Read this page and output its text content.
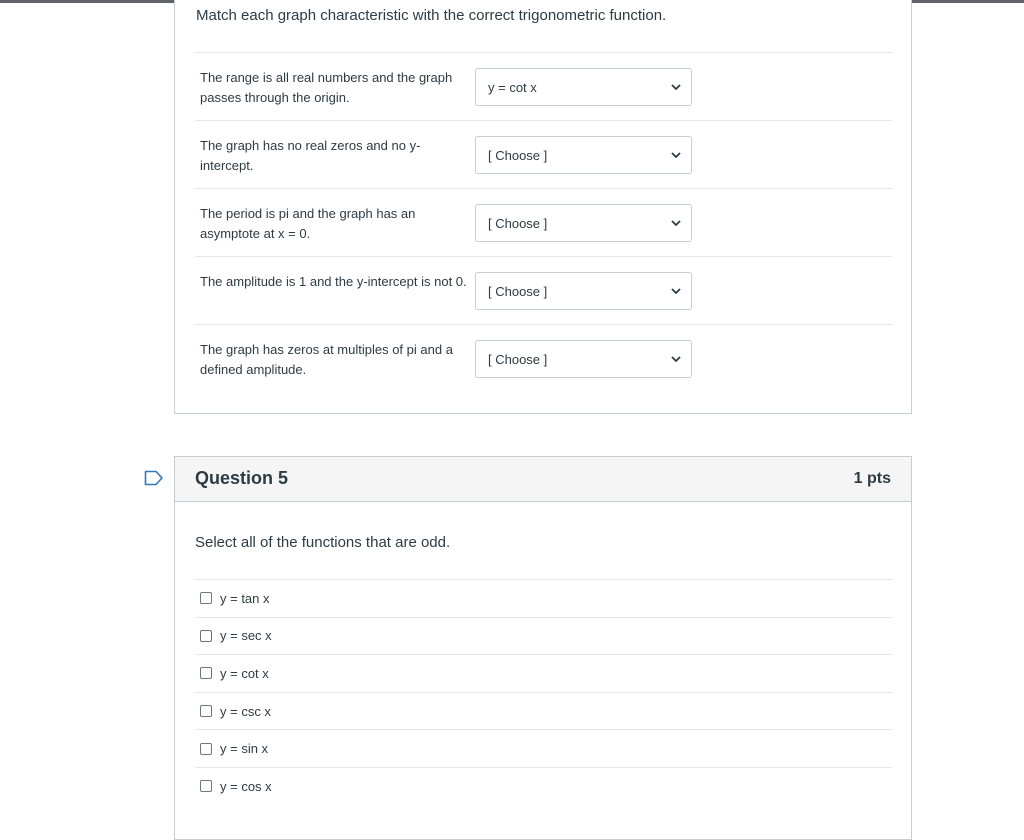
Match each graph characteristic with the correct trigonometric function.
The range is all real numbers and the graph passes through the origin.
y = cot x
The graph has no real zeros and no y-intercept.
[ Choose ]
The period is pi and the graph has an asymptote at x = 0.
[ Choose ]
The amplitude is 1 and the y-intercept is not 0.
[ Choose ]
The graph has zeros at multiples of pi and a defined amplitude.
[ Choose ]
Question 5	1 pts
Select all of the functions that are odd.
y = tan x
y = sec x
y = cot x
y = csc x
y = sin x
y = cos x
